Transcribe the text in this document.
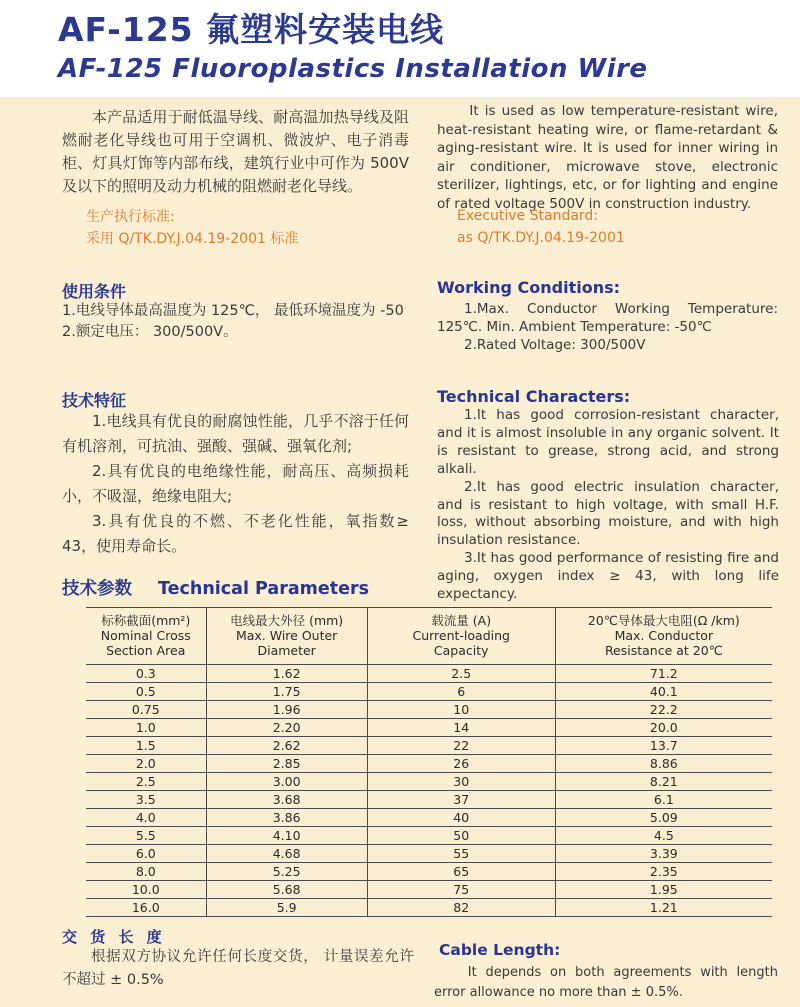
AF-125 氟塑料安装电线
AF-125 Fluoroplastics Installation Wire
本产品适用于耐低温导线、耐高温加热导线及阻燃耐老化导线也可用于空调机、微波炉、电子消毒柜、灯具灯饰等内部布线，建筑行业中可作为 500V 及以下的照明及动力机械的阻燃耐老化导线。
It is used as low temperature-resistant wire, heat-resistant heating wire, or flame-retardant & aging-resistant wire. It is used for inner wiring in air conditioner, microwave stove, electronic sterilizer, lightings, etc, or for lighting and engine of rated voltage 500V in construction industry.
生产执行标准:
采用 Q/TK.DY.J.04.19-2001 标准
Executive Standard:
as Q/TK.DY.J.04.19-2001
使用条件

1.电线导体最高温度为 125℃， 最低环境温度为 -50

2.额定电压： 300/500V。

Working Conditions:

1.Max. Conductor Working Temperature: 125℃. Min. Ambient Temperature: -50℃

2.Rated Voltage: 300/500V

技术特征

1.电线具有优良的耐腐蚀性能，几乎不溶于任何有机溶剂，可抗油、强酸、强碱、强氧化剂;

2.具有优良的电绝缘性能，耐高压、高频损耗小，不吸湿，绝缘电阻大;

3.具有优良的不燃、不老化性能，氧指数≥ 43，使用寿命长。

Technical Characters:

1.It has good corrosion-resistant character, and it is almost insoluble in any organic solvent. It is resistant to grease, strong acid, and strong alkali.

2.It has good electric insulation character, and is resistant to high voltage, with small H.F. loss, without absorbing moisture, and with high insulation resistance.

3.It has good performance of resisting fire and aging, oxygen index ≥ 43, with long life expectancy.

技术参数 Technical Parameters
标称截面(mm²)
Nominal Cross
Section Area

电线最大外径 (mm)
Max. Wire Outer
Diameter

载流量 (A)
Current-loading
Capacity

20℃导体最大电阻(Ω /km)
Max. Conductor
Resistance at 20℃

0.3	1.62	2.5	71.2
0.5	1.75	6	40.1
0.75	1.96	10	22.2
1.0	2.20	14	20.0
1.5	2.62	22	13.7
2.0	2.85	26	8.86
2.5	3.00	30	8.21
3.5	3.68	37	6.1
4.0	3.86	40	5.09
5.5	4.10	50	4.5
6.0	4.68	55	3.39
8.0	5.25	65	2.35
10.0	5.68	75	1.95
16.0	5.9	82	1.21
交 货 长 度
根据双方协议允许任何长度交货， 计量误差允许不超过 ± 0.5%
Cable Length:
It depends on both agreements with length error allowance no more than ± 0.5%.
